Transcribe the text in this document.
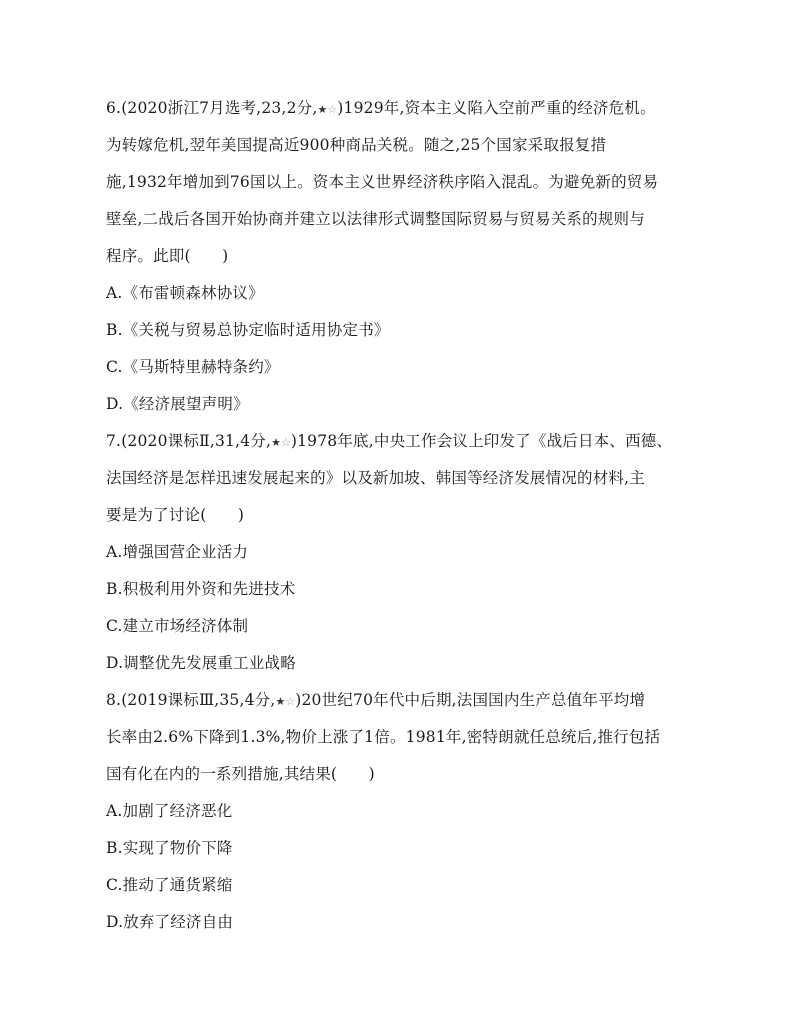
6.(2020浙江7月选考,23,2分,★☆)1929年,资本主义陷入空前严重的经济危机。
为转嫁危机,翌年美国提高近900种商品关税。随之,25个国家采取报复措
施,1932年增加到76国以上。资本主义世界经济秩序陷入混乱。为避免新的贸易
壁垒,二战后各国开始协商并建立以法律形式调整国际贸易与贸易关系的规则与
程序。此即(　　)
A.《布雷顿森林协议》
B.《关税与贸易总协定临时适用协定书》
C.《马斯特里赫特条约》
D.《经济展望声明》
7.(2020课标Ⅱ,31,4分,★☆)1978年底,中央工作会议上印发了《战后日本、西德、
法国经济是怎样迅速发展起来的》以及新加坡、韩国等经济发展情况的材料,主
要是为了讨论(　　)
A.增强国营企业活力
B.积极利用外资和先进技术
C.建立市场经济体制
D.调整优先发展重工业战略
8.(2019课标Ⅲ,35,4分,★☆)20世纪70年代中后期,法国国内生产总值年平均增
长率由2.6%下降到1.3%,物价上涨了1倍。1981年,密特朗就任总统后,推行包括
国有化在内的一系列措施,其结果(　　)
A.加剧了经济恶化
B.实现了物价下降
C.推动了通货紧缩
D.放弃了经济自由
